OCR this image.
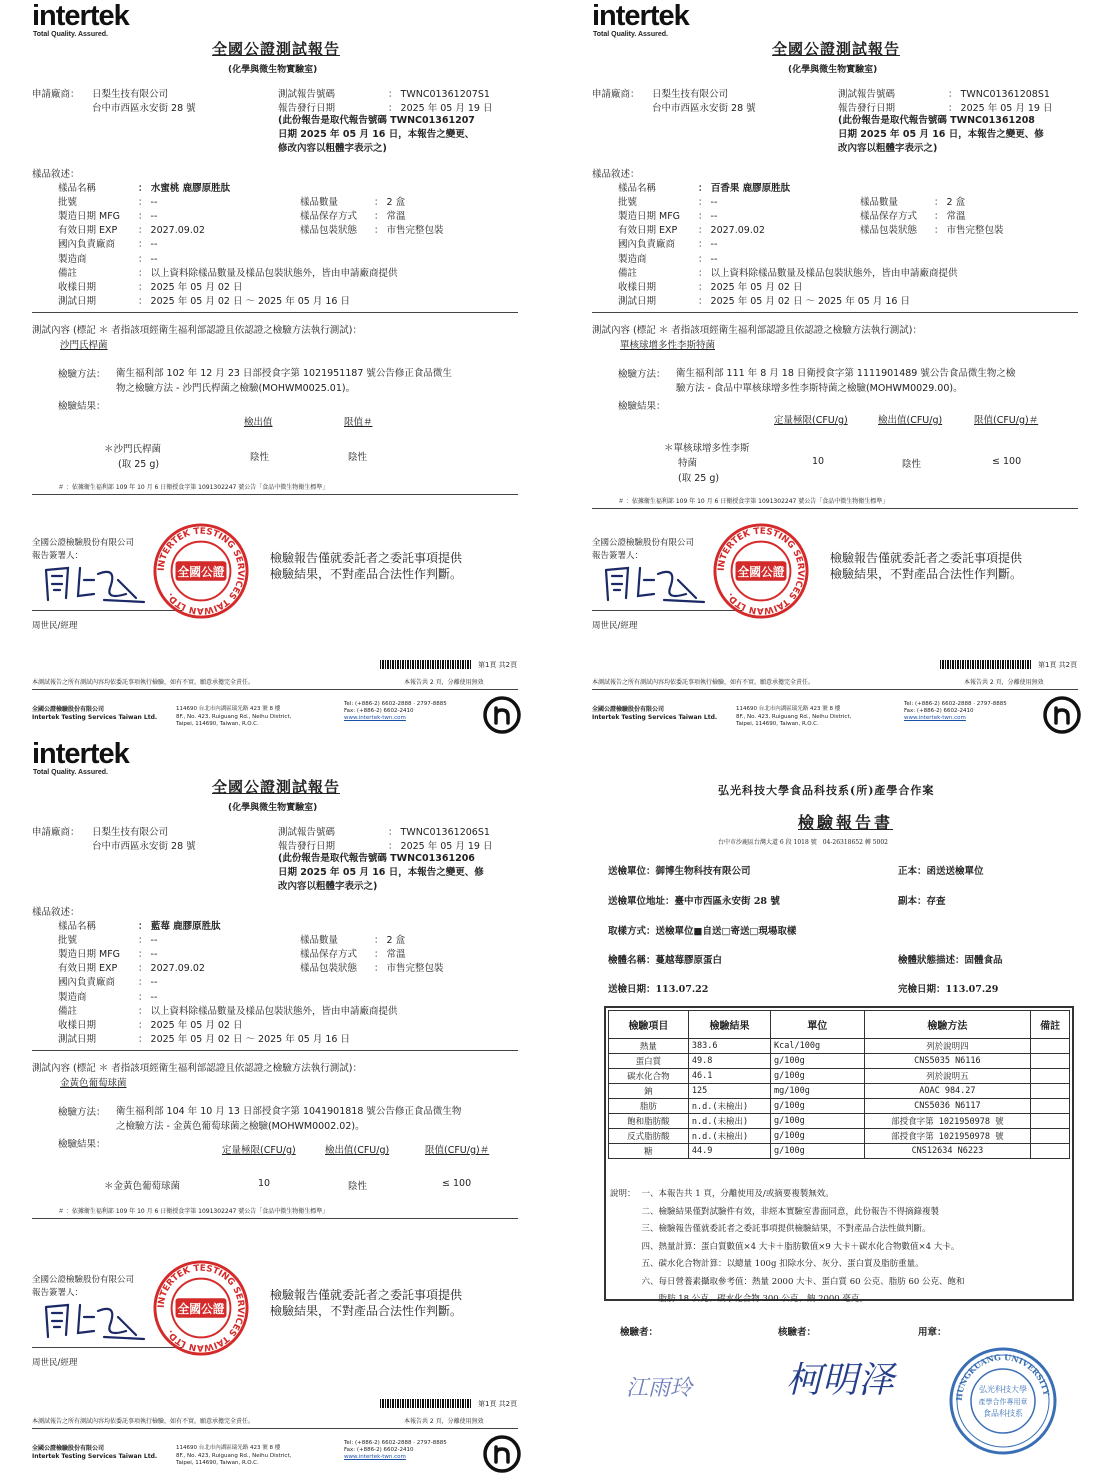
intertek
Total Quality. Assured.
全國公證測試報告
(化學與微生物實驗室)
申請廠商： 日梨生技有限公司
台中市西區永安街 28 號
測試報告號碼	： TWNC01361207S1
報告發行日期	： 2025 年 05 月 19 日
(此份報告是取代報告號碼 TWNC01361207
日期 2025 年 05 月 16 日，本報告之變更、
修改內容以粗體字表示之)
樣品敘述：
樣品名稱	： 水蜜桃 鹿膠原胜肽
批號	： --
製造日期 MFG ： --
有效日期 EXP ： 2027.09.02
國內負責廠商 ： --
製造商	： --
備註	： 以上資料除樣品數量及樣品包裝狀態外，皆由申請廠商提供
收樣日期	： 2025 年 05 月 02 日
測試日期	： 2025 年 05 月 02 日 ～ 2025 年 05 月 16 日
樣品數量	： 2 盒
樣品保存方式 ： 常溫
樣品包裝狀態 ： 市售完整包裝
測試內容 (標記 ＊ 者指該項經衛生福利部認證且依認證之檢驗方法執行測試)：
沙門氏桿菌
檢驗方法： 衛生福利部 102 年 12 月 23 日部授食字第 1021951187 號公告修正食品微生
物之檢驗方法 - 沙門氏桿菌之檢驗(MOHWM0025.01)。
檢驗結果：
檢出值	限值＃
＊沙門氏桿菌
(取 25 g)
陰性	陰性
＃ ：依據衛生福利部 109 年 10 月 6 日衛授食字第 1091302247 號公告「食品中微生物衛生標準」
全國公證檢驗股份有限公司
報告簽署人：
INTERTEK TESTING SERVICES TAIWAN LTD.
全國公證
檢驗報告僅就委託者之委託事項提供
檢驗結果，不對產品合法性作判斷。
周世民/經理
第1頁 共2頁
本測試報告之所有測試內容均依委託事項執行檢驗，如有不實，願意承擔完全責任。	本報告共 2 頁，分離使用無效
全國公證檢驗股份有限公司
Intertek Testing Services Taiwan Ltd.
114690 台北市內湖區瑞光路 423 號 8 樓
8F., No. 423, Ruiguang Rd., Neihu District,
Taipei, 114690, Taiwan, R.O.C.
Tel: (+886-2) 6602-2888 · 2797-8885
Fax: (+886-2) 6602-2410
www.intertek-twn.com
intertek
Total Quality. Assured.
全國公證測試報告
(化學與微生物實驗室)
申請廠商： 日梨生技有限公司
台中市西區永安街 28 號
測試報告號碼	： TWNC01361208S1
報告發行日期	： 2025 年 05 月 19 日
(此份報告是取代報告號碼 TWNC01361208
日期 2025 年 05 月 16 日，本報告之變更、修
改內容以粗體字表示之)
樣品敘述：
樣品名稱	： 百香果 鹿膠原胜肽
批號	： --
製造日期 MFG ： --
有效日期 EXP ： 2027.09.02
國內負責廠商 ： --
製造商	： --
備註	： 以上資料除樣品數量及樣品包裝狀態外，皆由申請廠商提供
收樣日期	： 2025 年 05 月 02 日
測試日期	： 2025 年 05 月 02 日 ～ 2025 年 05 月 16 日
樣品數量	： 2 盒
樣品保存方式 ： 常溫
樣品包裝狀態 ： 市售完整包裝
測試內容 (標記 ＊ 者指該項經衛生福利部認證且依認證之檢驗方法執行測試)：
單核球增多性李斯特菌
檢驗方法： 衛生福利部 111 年 8 月 18 日衛授食字第 1111901489 號公告食品微生物之檢
驗方法 - 食品中單核球增多性李斯特菌之檢驗(MOHWM0029.00)。
檢驗結果：
定量極限(CFU/g)	檢出值(CFU/g)	限值(CFU/g)＃
＊單核球增多性李斯
特菌
(取 25 g)
10	陰性	≤ 100
＃ ：依據衛生福利部 109 年 10 月 6 日衛授食字第 1091302247 號公告「食品中微生物衛生標準」
全國公證檢驗股份有限公司
報告簽署人：
INTERTEK TESTING SERVICES TAIWAN LTD.
全國公證
檢驗報告僅就委託者之委託事項提供
檢驗結果，不對產品合法性作判斷。
周世民/經理
第1頁 共2頁
本測試報告之所有測試內容均依委託事項執行檢驗，如有不實，願意承擔完全責任。	本報告共 2 頁，分離使用無效
全國公證檢驗股份有限公司
Intertek Testing Services Taiwan Ltd.
114690 台北市內湖區瑞光路 423 號 8 樓
8F., No. 423, Ruiguang Rd., Neihu District,
Taipei, 114690, Taiwan, R.O.C.
Tel: (+886-2) 6602-2888 · 2797-8885
Fax: (+886-2) 6602-2410
www.intertek-twn.com
intertek
Total Quality. Assured.
全國公證測試報告
(化學與微生物實驗室)
申請廠商： 日梨生技有限公司
台中市西區永安街 28 號
測試報告號碼	： TWNC01361206S1
報告發行日期	： 2025 年 05 月 19 日
(此份報告是取代報告號碼 TWNC01361206
日期 2025 年 05 月 16 日，本報告之變更、修
改內容以粗體字表示之)
樣品敘述：
樣品名稱	： 藍莓 鹿膠原胜肽
批號	： --
製造日期 MFG ： --
有效日期 EXP ： 2027.09.02
國內負責廠商 ： --
製造商	： --
備註	： 以上資料除樣品數量及樣品包裝狀態外，皆由申請廠商提供
收樣日期	： 2025 年 05 月 02 日
測試日期	： 2025 年 05 月 02 日 ～ 2025 年 05 月 16 日
樣品數量	： 2 盒
樣品保存方式 ： 常溫
樣品包裝狀態 ： 市售完整包裝
測試內容 (標記 ＊ 者指該項經衛生福利部認證且依認證之檢驗方法執行測試)：
金黃色葡萄球菌
檢驗方法： 衛生福利部 104 年 10 月 13 日部授食字第 1041901818 號公告修正食品微生物
之檢驗方法 - 金黃色葡萄球菌之檢驗(MOHWM0002.02)。
檢驗結果：
定量極限(CFU/g)	檢出值(CFU/g)	限值(CFU/g)＃
＊金黃色葡萄球菌	10	陰性	≤ 100
＃ ：依據衛生福利部 109 年 10 月 6 日衛授食字第 1091302247 號公告「食品中微生物衛生標準」
全國公證檢驗股份有限公司
報告簽署人：
INTERTEK TESTING SERVICES TAIWAN LTD.
全國公證
檢驗報告僅就委託者之委託事項提供
檢驗結果，不對產品合法性作判斷。
周世民/經理
第1頁 共2頁
本測試報告之所有測試內容均依委託事項執行檢驗，如有不實，願意承擔完全責任。	本報告共 2 頁，分離使用無效
全國公證檢驗股份有限公司
Intertek Testing Services Taiwan Ltd.
114690 台北市內湖區瑞光路 423 號 8 樓
8F., No. 423, Ruiguang Rd., Neihu District,
Taipei, 114690, Taiwan, R.O.C.
Tel: (+886-2) 6602-2888 · 2797-8885
Fax: (+886-2) 6602-2410
www.intertek-twn.com
弘光科技大學食品科技系(所)產學合作案
檢驗報告書
台中市沙鹿區台灣大道 6 段 1018 號　04-26318652 轉 5002
送檢單位：御博生物科技有限公司	正本：函送送檢單位
送檢單位地址：臺中市西區永安街 28 號	副本：存查
取樣方式：送檢單位■自送□寄送□現場取樣
檢體名稱：蔓越莓膠原蛋白	檢體狀態描述：固體食品
送檢日期：113.07.22	完檢日期：113.07.29
檢驗項目	檢驗結果	單位	檢驗方法	備註
熱量	383.6	Kcal/100g	列於說明四	
蛋白質	49.8	g/100g	CNS5035 N6116	
碳水化合物	46.1	g/100g	列於說明五	
鈉	125	mg/100g	AOAC 984.27	
脂肪	n.d.(未檢出)	g/100g	CNS5036 N6117	
飽和脂肪酸	n.d.(未檢出)	g/100g	部授食字第 1021950978 號	
反式脂肪酸	n.d.(未檢出)	g/100g	部授食字第 1021950978 號	
糖	44.9	g/100g	CNS12634 N6223	
說明： 一、本報告共 1 頁，分離使用及/或摘要複製無效。
二、檢驗結果僅對試驗件有效，非經本實驗室書面同意，此份報告不得摘錄複製
三、檢驗報告僅就委託者之委託事項提供檢驗結果，不對產品合法性做判斷。
四、熱量計算：蛋白質數值×4 大卡＋脂肪數值×9 大卡＋碳水化合物數值×4 大卡。
五、碳水化合物計算：以總量 100g 扣除水分、灰分、蛋白質及脂肪重量。
六、每日營養素攝取參考值：熱量 2000 大卡、蛋白質 60 公克、脂肪 60 公克、飽和
　　脂肪 18 公克、碳水化合物 300 公克、鈉 2000 毫克。
檢驗者：	核驗者：	用章：
江雨玲	柯明泽	HUNGKUANG UNIVERSITY
弘光科技大學
產學合作專用章
食品科技系
